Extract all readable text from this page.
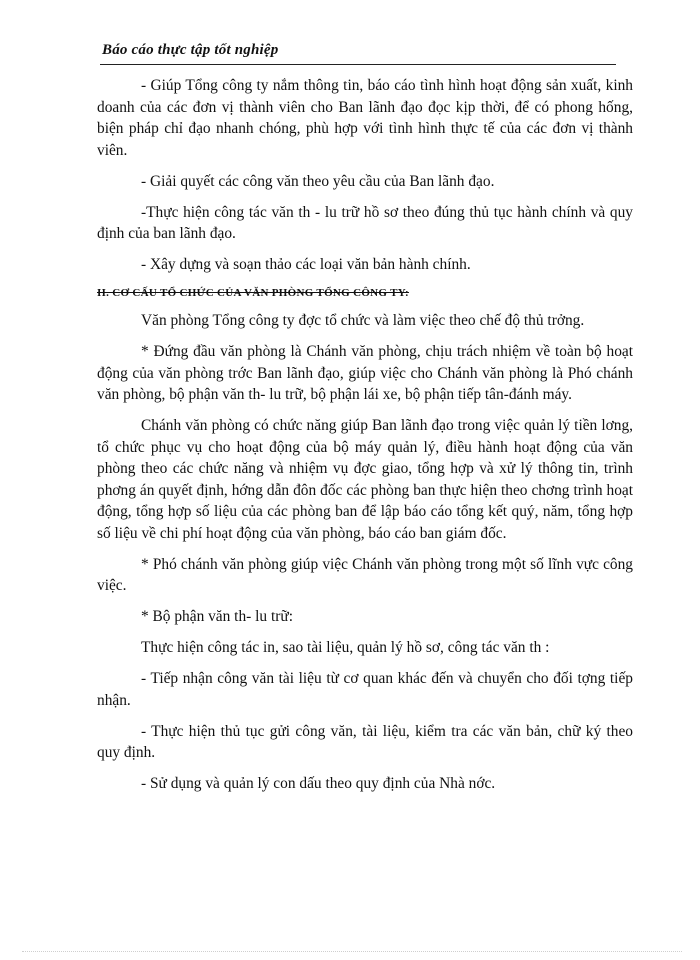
Báo cáo thực tập tốt nghiệp

- Giúp Tổng công ty nắm thông tin, báo cáo tình hình hoạt động sản xuất, kinh doanh của các đơn vị thành viên cho Ban lãnh đạo đọc kịp thời, để có phong hống, biện pháp chỉ đạo nhanh chóng, phù hợp với tình hình thực tế của các đơn vị thành viên.

- Giải quyết các công văn theo yêu cầu của Ban lãnh đạo.

-Thực hiện công tác văn th - lu trữ hồ sơ theo đúng thủ tục hành chính và quy định của ban lãnh đạo.

- Xây dựng và soạn thảo các loại văn bản hành chính.

II. CƠ CẤU TỔ CHỨC CỦA VĂN PHÒNG TỔNG CÔNG TY:

Văn phòng Tổng công ty đợc tổ chức và làm việc theo chế độ thủ trởng.

* Đứng đầu văn phòng là Chánh văn phòng, chịu trách nhiệm về toàn bộ hoạt động của văn phòng trớc Ban lãnh đạo, giúp việc cho Chánh văn phòng là Phó chánh văn phòng, bộ phận văn th- lu trữ, bộ phận lái xe, bộ phận tiếp tân-đánh máy.

Chánh văn phòng có chức năng giúp Ban lãnh đạo trong việc quản lý tiền lơng, tổ chức phục vụ cho hoạt động của bộ máy quản lý, điều hành hoạt động của văn phòng theo các chức năng và nhiệm vụ đợc giao, tổng hợp và xử lý thông tin, trình phơng án quyết định, hớng dẫn đôn đốc các phòng ban thực hiện theo chơng trình hoạt động, tổng hợp số liệu của các phòng ban để lập báo cáo tổng kết quý, năm, tổng hợp số liệu về chi phí hoạt động của văn phòng, báo cáo ban giám đốc.

* Phó chánh văn phòng giúp việc Chánh văn phòng trong một số lĩnh vực công việc.

* Bộ phận văn th- lu trữ:

Thực hiện công tác in, sao tài liệu, quản lý hồ sơ, công tác văn th :

- Tiếp nhận công văn tài liệu từ cơ quan khác đến và chuyển cho đối tợng tiếp nhận.

- Thực hiện thủ tục gửi công văn, tài liệu, kiểm tra các văn bản, chữ ký theo quy định.

- Sử dụng và quản lý con dấu theo quy định của Nhà nớc.
